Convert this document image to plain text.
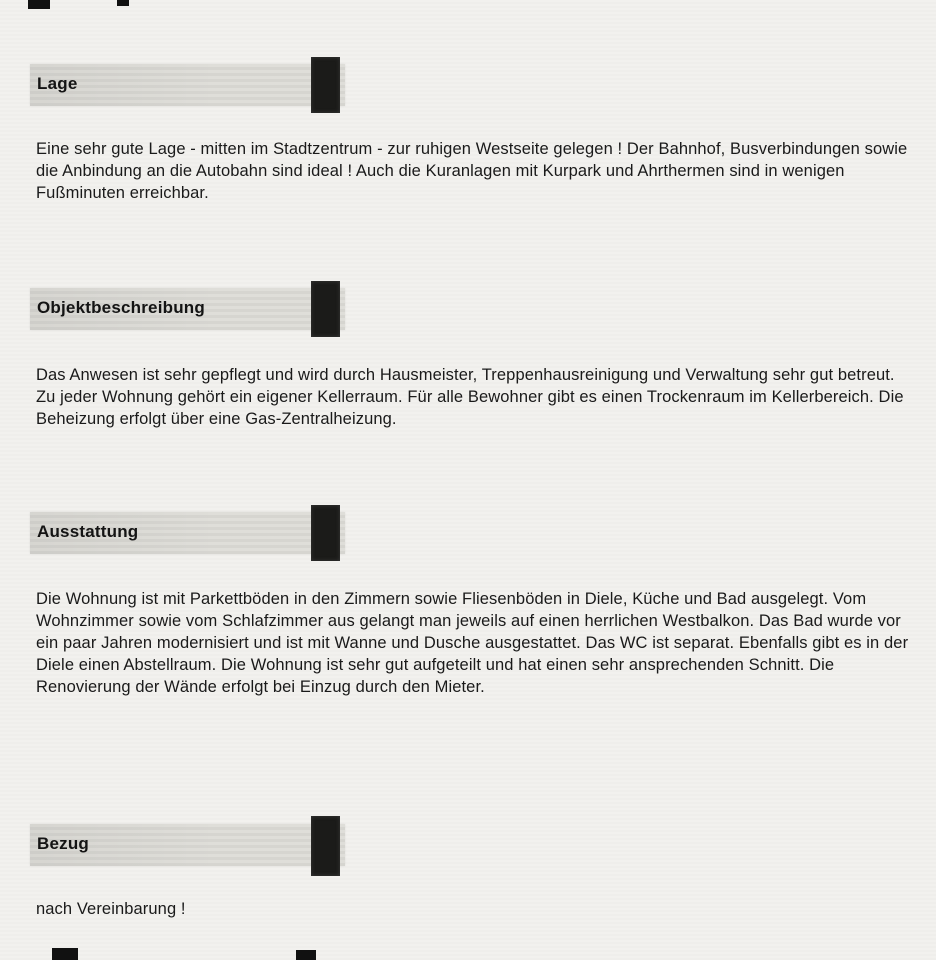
Lage

Eine sehr gute Lage - mitten im Stadtzentrum - zur ruhigen Westseite gelegen ! Der Bahnhof, Busverbindungen sowie die Anbindung an die Autobahn sind ideal ! Auch die Kuranlagen mit Kurpark und Ahrthermen sind in wenigen Fußminuten erreichbar.

Objektbeschreibung

Das Anwesen ist sehr gepflegt und wird durch Hausmeister, Treppenhausreinigung und Verwaltung sehr gut betreut. Zu jeder Wohnung gehört ein eigener Kellerraum. Für alle Bewohner gibt es einen Trockenraum im Kellerbereich. Die Beheizung erfolgt über eine Gas-Zentralheizung.

Ausstattung

Die Wohnung ist mit Parkettböden in den Zimmern sowie Fliesenböden in Diele, Küche und Bad ausgelegt. Vom Wohnzimmer sowie vom Schlafzimmer aus gelangt man jeweils auf einen herrlichen Westbalkon. Das Bad wurde vor ein paar Jahren modernisiert und ist mit Wanne und Dusche ausgestattet. Das WC ist separat. Ebenfalls gibt es in der Diele einen Abstellraum. Die Wohnung ist sehr gut aufgeteilt und hat einen sehr ansprechenden Schnitt. Die Renovierung der Wände erfolgt bei Einzug durch den Mieter.

Bezug

nach Vereinbarung !
